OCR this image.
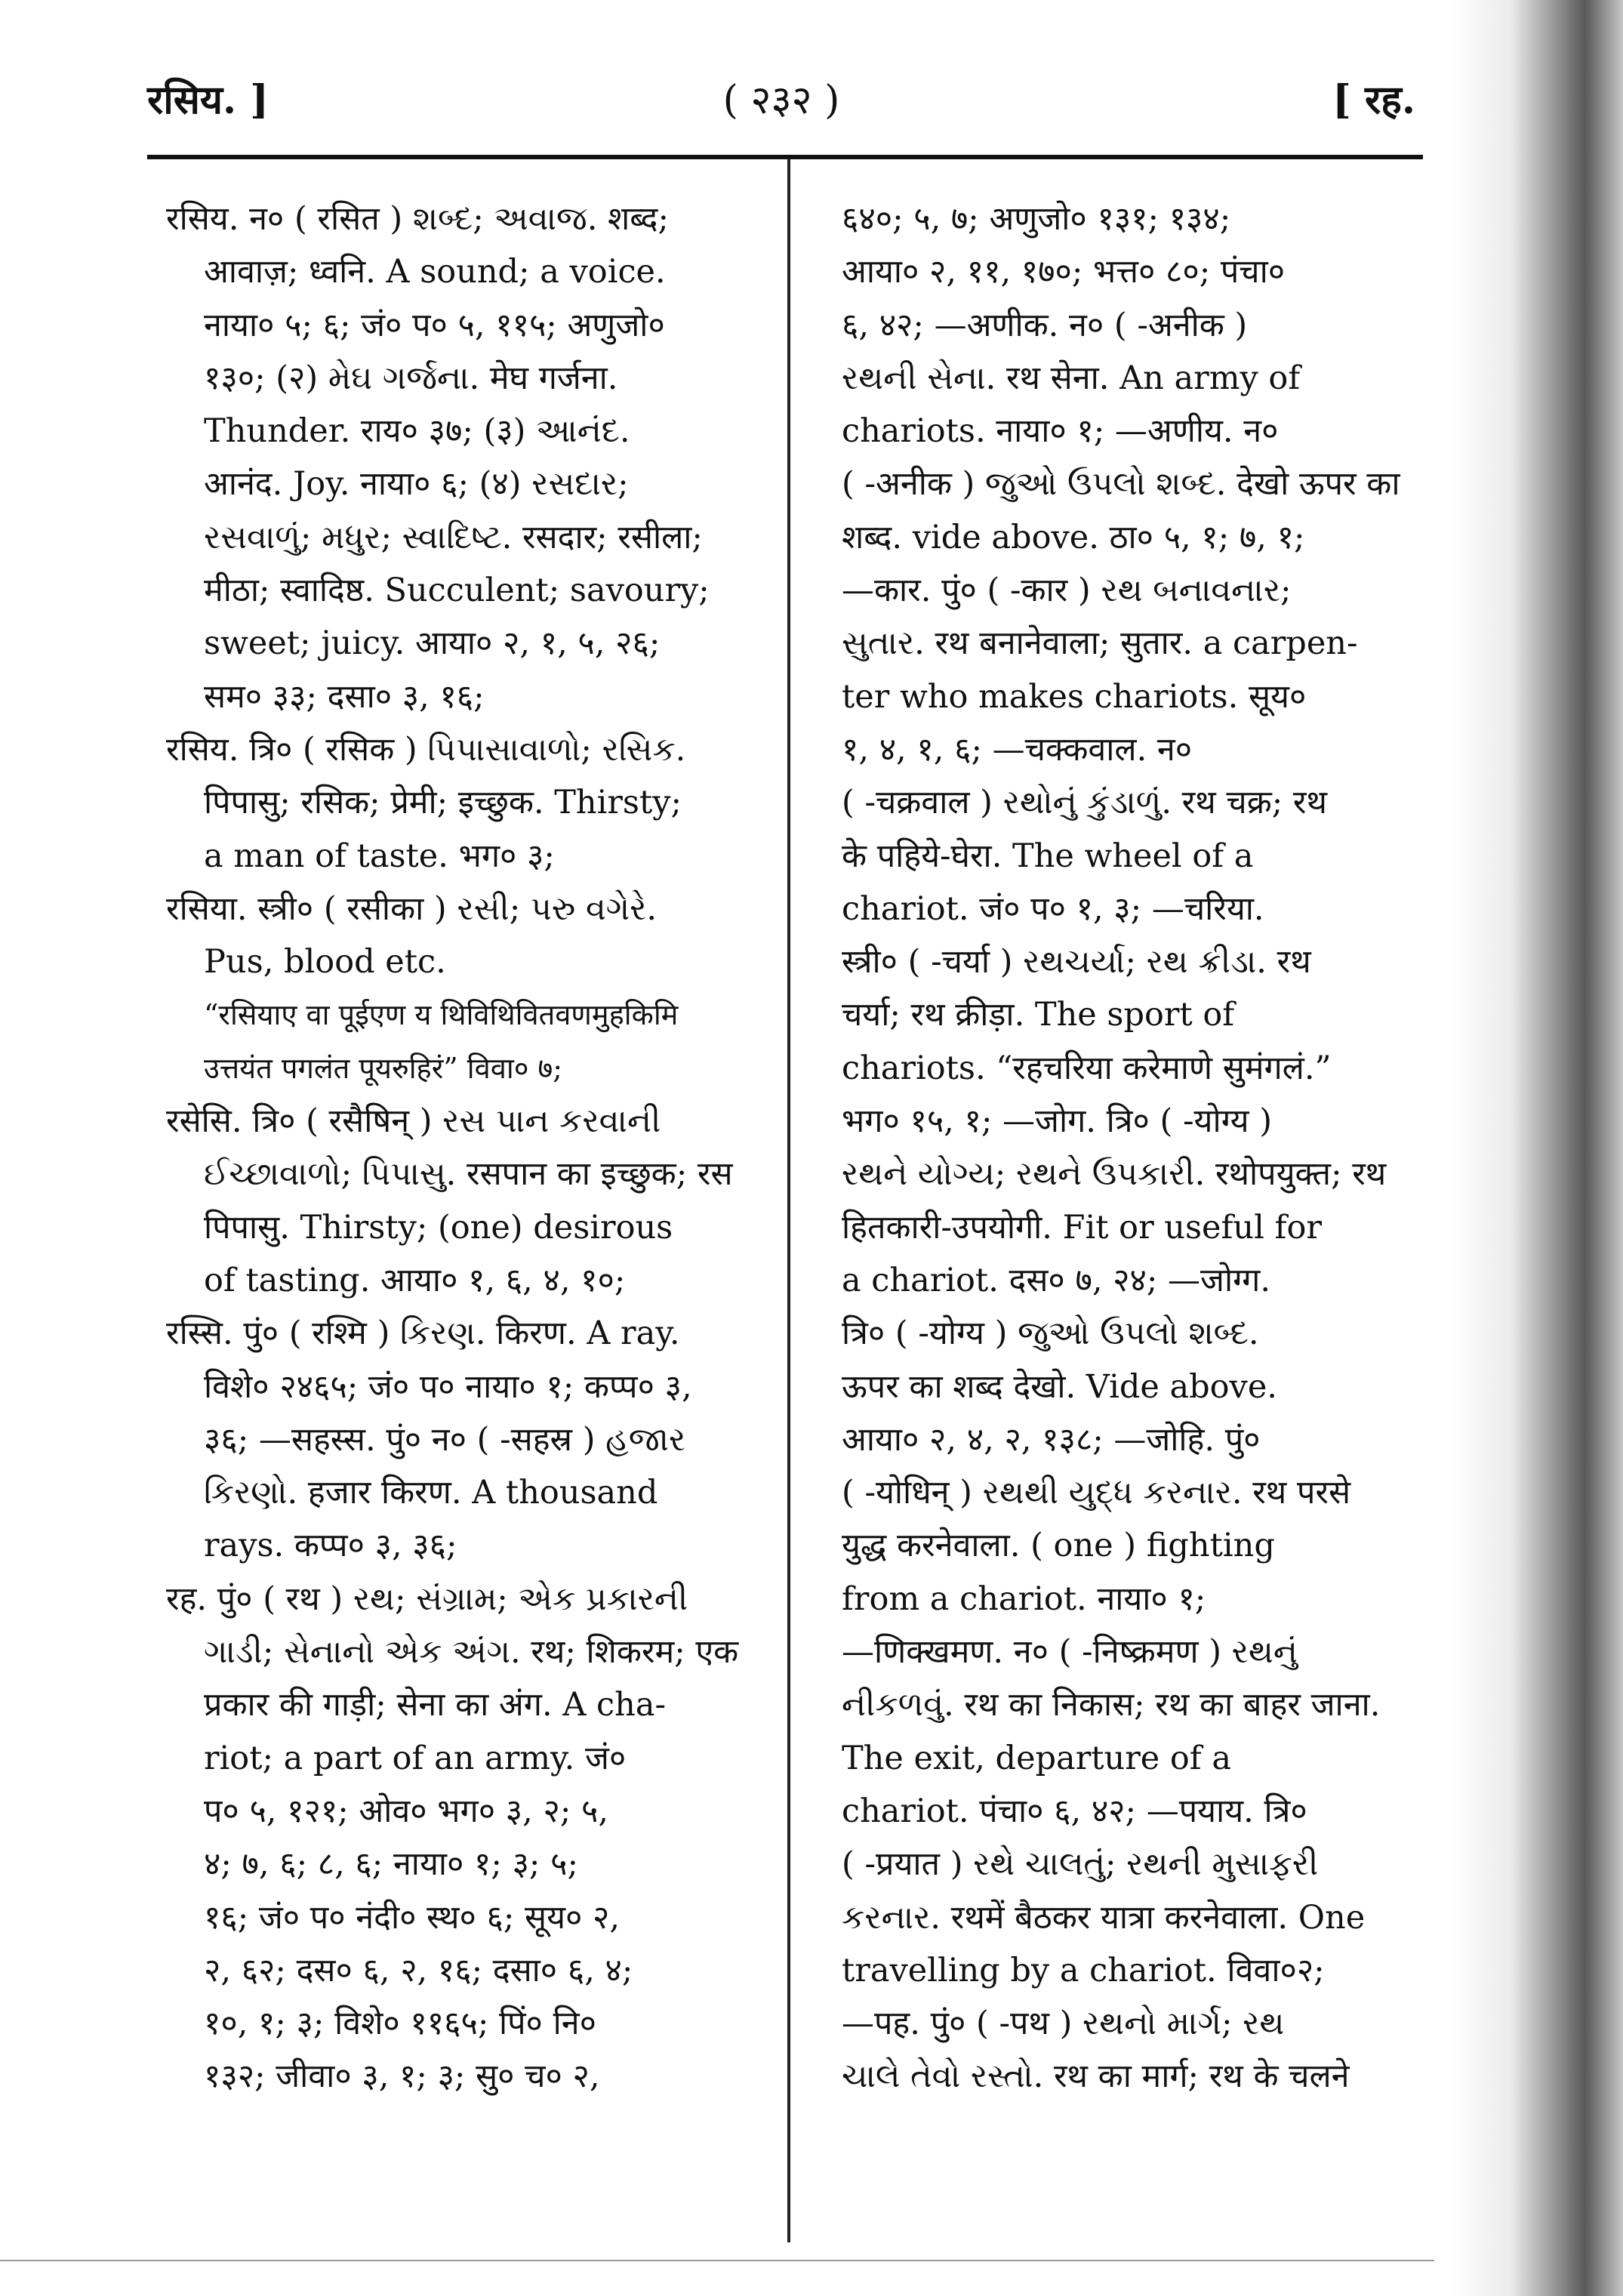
( २३२ )
रसिय. ]	[ रह.
रसिय. न० ( रसित ) શબ્દ; અવાજ. शब्द;
आवाज़; ध्वनि. A sound; a voice.
नाया० ५; ६; जं० प० ५, ११५; अणुजो०
१३०; (२) મેઘ ગર્જના. मेघ गर्जना.
Thunder. राय० ३७; (३) આનંદ.
आनंद. Joy. नाया० ६; (४) રસદાર;
રસવાળું; મધુર; સ્વાદિષ્ટ. रसदार; रसीला;
मीठा; स्वादिष्ठ. Succulent; savoury;
sweet; juicy. आया० २, १, ५, २६;
सम० ३३; दसा० ३, १६;
रसिय. त्रि० ( रसिक ) પિપાસાવાળો; રસિક.
पिपासु; रसिक; प्रेमी; इच्छुक. Thirsty;
a man of taste. भग० ३;
रसिया. स्त्री० ( रसीका ) રસી; પરુ વગેરે.
Pus, blood etc.
“रसियाए वा पूईएण य थिविथिवितवणमुहकिमि
उत्तयंत पगलंत पूयरुहिरं” विवा० ७;
रसेसि. त्रि० ( रसैषिन् ) રસ પાન કરવાની
ઈચ્છાવાળો; પિપાસુ. रसपान का इच्छुक; रस
पिपासु. Thirsty; (one) desirous
of tasting. आया० १, ६, ४, १०;
रस्सि. पुं० ( रश्मि ) કિરણ. किरण. A ray.
विशे० २४६५; जं० प० नाया० १; कप्प० ३,
३६; —सहस्स. पुं० न० ( -सहस्र ) હજાર
કિરણો. हजार किरण. A thousand
rays. कप्प० ३, ३६;
रह. पुं० ( रथ ) રથ; સંગ્રામ; એક પ્રકારની
ગાડી; સેનાનો એક અંગ. रथ; शिकरम; एक
प्रकार की गाड़ी; सेना का अंग. A cha-
riot; a part of an army. जं०
प० ५, १२१; ओव० भग० ३, २; ५,
४; ७, ६; ८, ६; नाया० १; ३; ५;
१६; जं० प० नंदी० स्थ० ६; सूय० २,
२, ६२; दस० ६, २, १६; दसा० ६, ४;
१०, १; ३; विशे० ११६५; पिं० नि०
१३२; जीवा० ३, १; ३; सु० च० २,
६४०; ५, ७; अणुजो० १३१; १३४;
आया० २, ११, १७०; भत्त० ८०; पंचा०
६, ४२; —अणीक. न० ( -अनीक )
રથની સેના. रथ सेना. An army of
chariots. नाया० १; —अणीय. न०
( -अनीक ) જુઓ ઉપલો શબ્દ. देखो ऊपर का
शब्द. vide above. ठा० ५, १; ७, १;
—कार. पुं० ( -कार ) રથ બનાવનાર;
સુતાર. रथ बनानेवाला; सुतार. a carpen-
ter who makes chariots. सूय०
१, ४, १, ६; —चक्कवाल. न०
( -चक्रवाल ) રથોનું કુંડાળું. रथ चक्र; रथ
के पहिये-घेरा. The wheel of a
chariot. जं० प० १, ३; —चरिया.
स्त्री० ( -चर्या ) રથચર્યા; રથ ક્રીડા. रथ
चर्या; रथ क्रीड़ा. The sport of
chariots. “रहचरिया करेमाणे सुमंगलं.”
भग० १५, १; —जोग. त्रि० ( -योग्य )
રથને યોગ્ય; રથને ઉપકારી. रथोपयुक्त; रथ
हितकारी-उपयोगी. Fit or useful for
a chariot. दस० ७, २४; —जोग्ग.
त्रि० ( -योग्य ) જુઓ ઉપલો શબ્દ.
ऊपर का शब्द देखो. Vide above.
आया० २, ४, २, १३८; —जोहि. पुं०
( -योधिन् ) રથથી યુદ્ધ કરનાર. रथ परसे
युद्ध करनेवाला. ( one ) fighting
from a chariot. नाया० १;
—णिक्खमण. न० ( -निष्क्रमण ) રથનું
નીકળવું. रथ का निकास; रथ का बाहर जाना.
The exit, departure of a
chariot. पंचा० ६, ४२; —पयाय. त्रि०
( -प्रयात ) રથે ચાલતું; રથની મુસાફરી
કરનાર. रथमें बैठकर यात्रा करनेवाला. One
travelling by a chariot. विवा०२;
—पह. पुं० ( -पथ ) રથનો માર્ગ; રથ
ચાલે તેવો રસ્તો. रथ का मार्ग; रथ के चलने
